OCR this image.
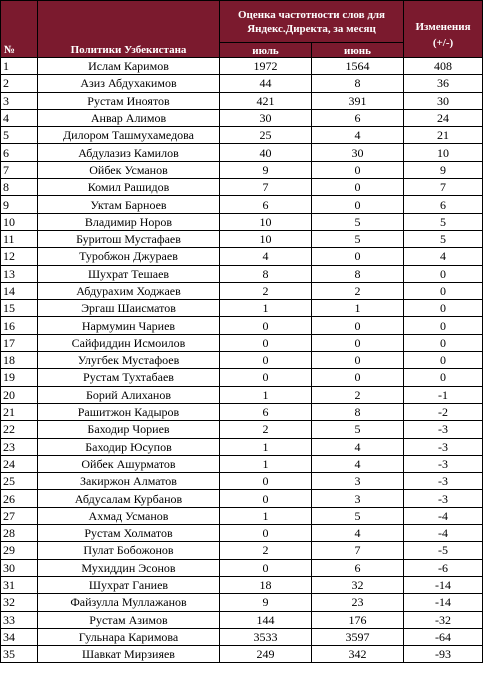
№	Политики Узбекистана	Оценка частотности слов для Яндекс.Директа, за месяц		Изменения (+/-)
		июль	июнь	
1	Ислам Каримов	1972	1564	408
2	Азиз Абдухакимов	44	8	36
3	Рустам Иноятов	421	391	30
4	Анвар Алимов	30	6	24
5	Дилором Ташмухамедова	25	4	21
6	Абдулазиз Камилов	40	30	10
7	Ойбек Усманов	9	0	9
8	Комил Рашидов	7	0	7
9	Уктам Барноев	6	0	6
10	Владимир Норов	10	5	5
11	Буритош Мустафаев	10	5	5
12	Туробжон Джураев	4	0	4
13	Шухрат Тешаев	8	8	0
14	Абдурахим Ходжаев	2	2	0
15	Эргаш Шаисматов	1	1	0
16	Нармумин Чариев	0	0	0
17	Сайфиддин Исмоилов	0	0	0
18	Улугбек Мустафоев	0	0	0
19	Рустам Тухтабаев	0	0	0
20	Борий Алиханов	1	2	-1
21	Рашитжон Кадыров	6	8	-2
22	Баходир Чориев	2	5	-3
23	Баходир Юсупов	1	4	-3
24	Ойбек Ашурматов	1	4	-3
25	Закиржон Алматов	0	3	-3
26	Абдусалам Курбанов	0	3	-3
27	Ахмад Усманов	1	5	-4
28	Рустам Холматов	0	4	-4
29	Пулат Бобожонов	2	7	-5
30	Мухиддин Эсонов	0	6	-6
31	Шухрат Ганиев	18	32	-14
32	Файзулла Муллажанов	9	23	-14
33	Рустам Азимов	144	176	-32
34	Гульнара Каримова	3533	3597	-64
35	Шавкат Мирзияев	249	342	-93
